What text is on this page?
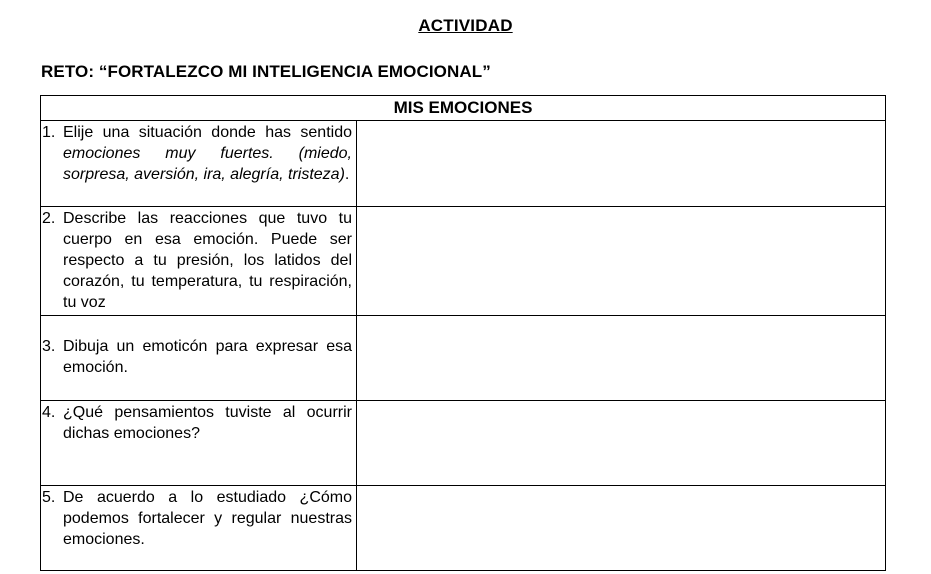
ACTIVIDAD
RETO: “FORTALEZCO MI INTELIGENCIA EMOCIONAL”
MIS EMOCIONES	

1. Elije una situación donde has sentido emociones muy fuertes. (miedo, sorpresa, aversión, ira, alegría, tristeza).	

2. Describe las reacciones que tuvo tu cuerpo en esa emoción. Puede ser respecto a tu presión, los latidos del corazón, tu temperatura, tu respiración, tu voz	

3. Dibuja un emoticón para expresar esa emoción.	

4. ¿Qué pensamientos tuviste al ocurrir dichas emociones?	

5. De acuerdo a lo estudiado ¿Cómo podemos fortalecer y regular nuestras emociones.	
